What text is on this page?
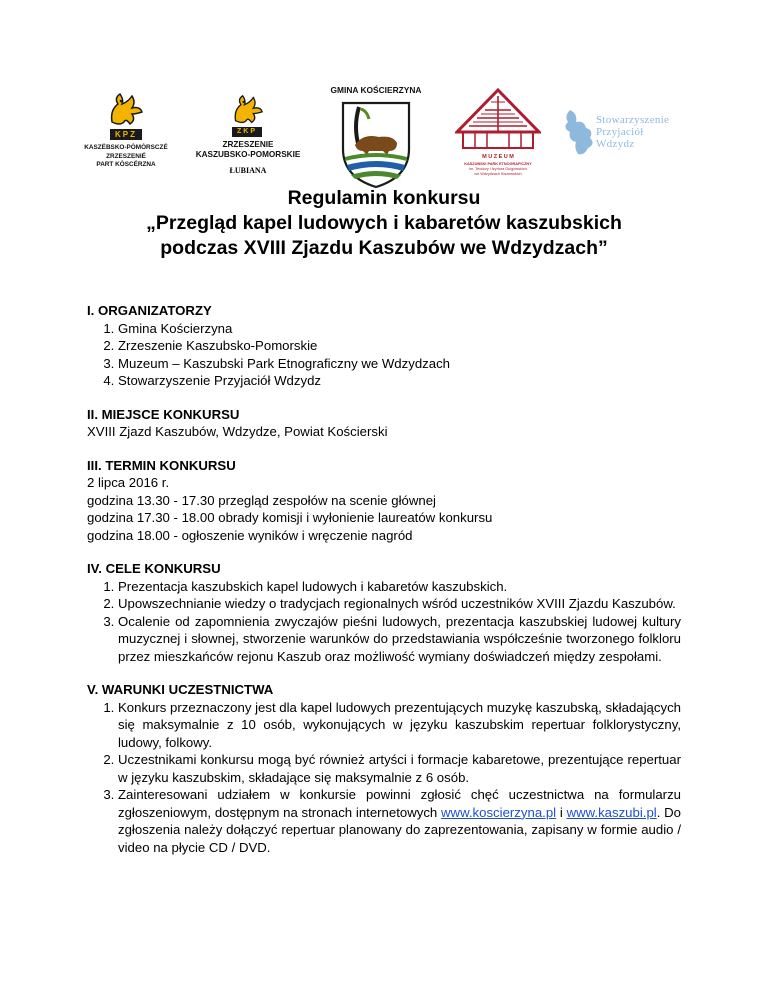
KPZ
KASZËBSKO-PÒMÒRSCZÉ
ZRZESZENIÉ
PART KÒSCÉRZNA
ZKP
ZRZESZENIE
KASZUBSKO-POMORSKIE
ŁUBIANA
GMINA KOŚCIERZYNA
M U Z E U M
KASZUBSKI PARK ETNOGRAFICZNY
im. Teodory i Izydora Gulgowskich
we Wdzydzach Kiszewskich
Stowarzyszenie
Przyjaciół
Wdzydz
Regulamin konkursu
„Przegląd kapel ludowych i kabaretów kaszubskich
podczas XVIII Zjazdu Kaszubów we Wdzydzach”
I. ORGANIZATORZY
1. Gmina Kościerzyna
2. Zrzeszenie Kaszubsko-Pomorskie
3. Muzeum – Kaszubski Park Etnograficzny we Wdzydzach
4. Stowarzyszenie Przyjaciół Wdzydz
II. MIEJSCE KONKURSU
XVIII Zjazd Kaszubów, Wdzydze, Powiat Kościerski
III. TERMIN KONKURSU
2 lipca 2016 r.
godzina 13.30 - 17.30 przegląd zespołów na scenie głównej
godzina 17.30 - 18.00 obrady komisji i wyłonienie laureatów konkursu
godzina 18.00 - ogłoszenie wyników i wręczenie nagród
IV. CELE KONKURSU
1. Prezentacja kaszubskich kapel ludowych i kabaretów kaszubskich.
2. Upowszechnianie wiedzy o tradycjach regionalnych wśród uczestników XVIII Zjazdu Kaszubów.
3. Ocalenie od zapomnienia zwyczajów pieśni ludowych, prezentacja kaszubskiej ludowej kultury muzycznej i słownej, stworzenie warunków do przedstawiania współcześnie tworzonego folkloru przez mieszkańców rejonu Kaszub oraz możliwość wymiany doświadczeń między zespołami.
V. WARUNKI UCZESTNICTWA
1. Konkurs przeznaczony jest dla kapel ludowych prezentujących muzykę kaszubską, składających się maksymalnie z 10 osób, wykonujących w języku kaszubskim repertuar folklorystyczny, ludowy, folkowy.
2. Uczestnikami konkursu mogą być również artyści i formacje kabaretowe, prezentujące repertuar w języku kaszubskim, składające się maksymalnie z 6 osób.
3. Zainteresowani udziałem w konkursie powinni zgłosić chęć uczestnictwa na formularzu zgłoszeniowym, dostępnym na stronach internetowych www.koscierzyna.pl i www.kaszubi.pl. Do zgłoszenia należy dołączyć repertuar planowany do zaprezentowania, zapisany w formie audio / video na płycie CD / DVD.
